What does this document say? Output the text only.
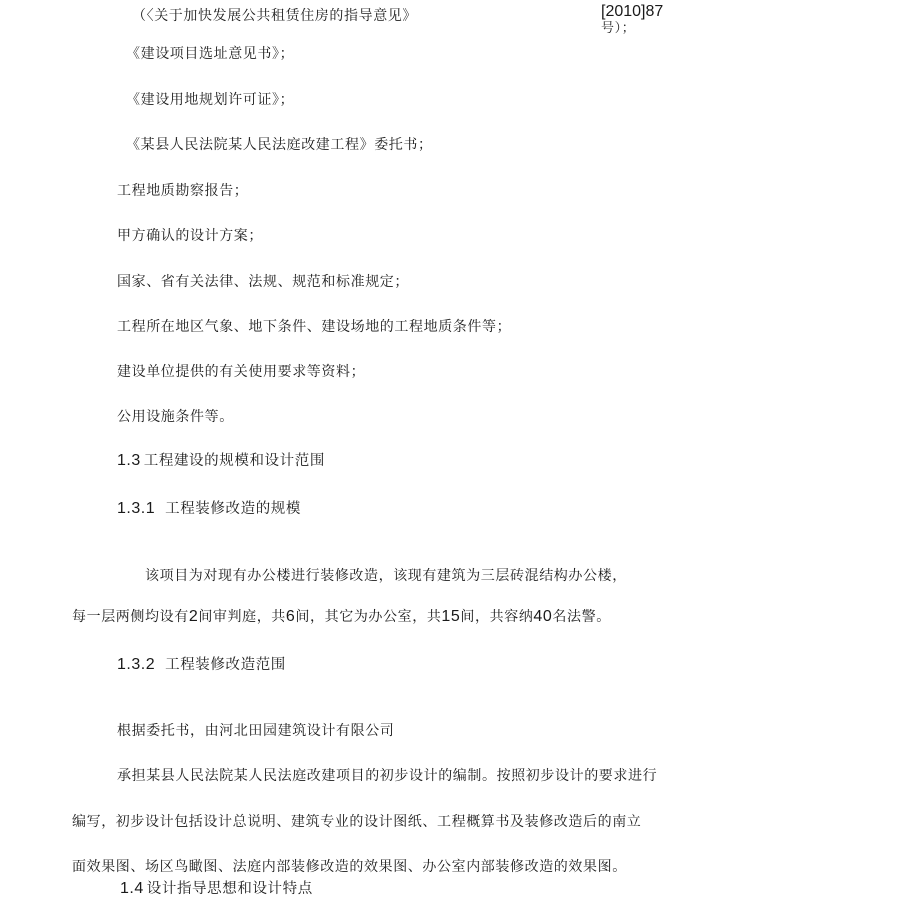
（〈关于加快发展公共租赁住房的指导意见》	[2010]87
号）；
《建设项目选址意见书》；
《建设用地规划许可证》；
《某县人民法院某人民法庭改建工程》委托书；
工程地质勘察报告；
甲方确认的设计方案；
国家、省有关法律、法规、规范和标准规定；
工程所在地区气象、地下条件、建设场地的工程地质条件等；
建设单位提供的有关使用要求等资料；
公用设施条件等。
1.3 工程建设的规模和设计范围
1.3.1 工程装修改造的规模
该项目为对现有办公楼进行装修改造，该现有建筑为三层砖混结构办公楼，
每一层两侧均设有2间审判庭，共6间，其它为办公室，共15间，共容纳40名法警。
1.3.2 工程装修改造范围
根据委托书，由河北田园建筑设计有限公司
承担某县人民法院某人民法庭改建项目的初步设计的编制。按照初步设计的要求进行
编写，初步设计包括设计总说明、建筑专业的设计图纸、工程概算书及装修改造后的南立
面效果图、场区鸟瞰图、法庭内部装修改造的效果图、办公室内部装修改造的效果图。
1.4 设计指导思想和设计特点
